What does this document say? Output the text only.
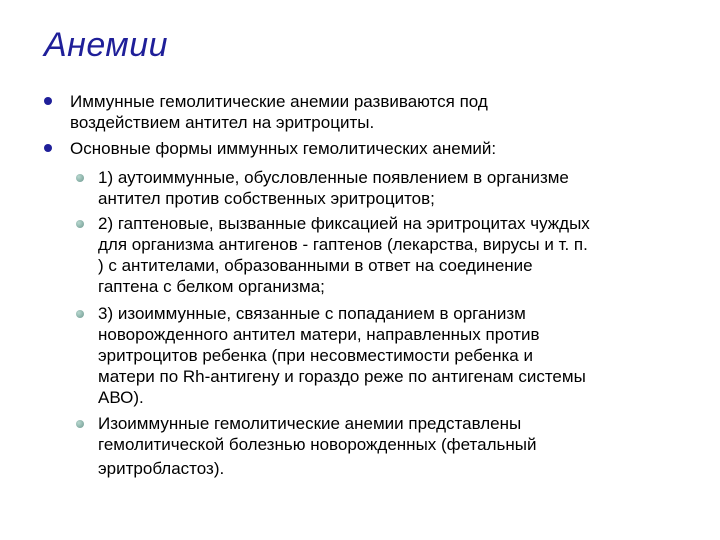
Анемии
Иммунные гемолитические анемии развиваются под
воздействием антител на эритроциты.
Основные формы иммунных гемолитических анемий:
1) аутоиммунные, обусловленные появлением в организме
антител против собственных эритроцитов;
2) гаптеновые, вызванные фиксацией на эритроцитах чуждых
для организма антигенов - гаптенов (лекарства, вирусы и т. п.
) с антителами, образованными в ответ на соединение
гаптена с белком организма;
3) изоиммунные, связанные с попаданием в организм
новорожденного антител матери, направленных против
эритроцитов ребенка (при несовместимости ребенка и
матери по Rh-антигену и гораздо реже по антигенам системы
АВО).
Изоиммунные гемолитические анемии представлены
гемолитической болезнью новорожденных (фетальный
эритробластоз).
